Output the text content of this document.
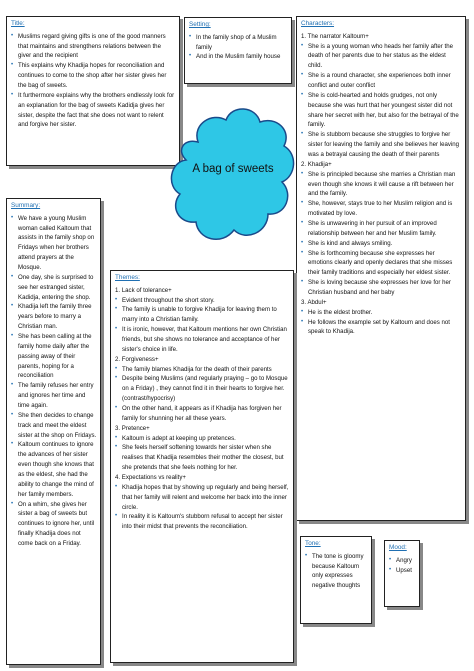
Title:
• Muslims regard giving gifts is one of the good manners that maintains and strengthens relations between the giver and the recipient
• This explains why Khadija hopes for reconciliation and continues to come to the shop after her sister gives her the bag of sweets.
• It furthermore explains why the brothers endlessly look for an explanation for the bag of sweets Kadidja gives her sister, despite the fact that she does not want to relent and forgive her sister.
Setting:
• In the family shop of a Muslim family
• And in the Muslim family house
A bag of sweets
Characters:
1. The narrator Kaltoum+
• She is a young woman who heads her family after the death of her parents due to her status as the eldest child.
• She is a round character, she experiences both inner conflict and outer conflict
• She is cold-hearted and holds grudges, not only because she was hurt that her youngest sister did not share her secret with her, but also for the betrayal of the family.
• She is stubborn because she struggles to forgive her sister for leaving the family and she believes her leaving was a betrayal causing the death of their parents
2. Khadija+
• She is principled because she marries a Christian man even though she knows it will cause a rift between her and the family.
• She, however, stays true to her Muslim religion and is motivated by love.
• She is unwavering in her pursuit of an improved relationship between her and her Muslim family.
• She is kind and always smiling.
• She is forthcoming because she expresses her emotions clearly and openly declares that she misses their family traditions and especially her eldest sister.
• She is loving because she expresses her love for her Christian husband and her baby
3. Abdul+
• He is the eldest brother.
• He follows the example set by Kaltoum and does not speak to Khadija.
Summary:
• We have a young Muslim woman called Kaltoum that assists in the family shop on Fridays when her brothers attend prayers at the Mosque.
• One day, she is surprised to see her estranged sister, Kadidja, entering the shop.
• Khadija left the family three years before to marry a Christian man.
• She has been calling at the family home daily after the passing away of their parents, hoping for a reconciliation
• The family refuses her entry and ignores her time and time again.
• She then decides to change track and meet the eldest sister at the shop on Fridays.
• Kaltoum continues to ignore the advances of her sister even though she knows that as the eldest, she had the ability to change the mind of her family members.
• On a whim, she gives her sister a bag of sweets but continues to ignore her, until finally Khadija does not come back on a Friday.
Themes:
1. Lack of tolerance+
• Evident throughout the short story.
• The family is unable to forgive Khadija for leaving them to marry into a Christian family.
• It is ironic, however, that Kaltoum mentions her own Christian friends, but she shows no tolerance and acceptance of her sister's choice in life.
2. Forgiveness+
• The family blames Khadija for the death of their parents
• Despite being Muslims (and regularly praying – go to Mosque on a Friday) , they cannot find it in their hearts to forgive her. (contrast/hypocrisy)
• On the other hand, it appears as if Khadija has forgiven her family for shunning her all these years.
3. Pretence+
• Kaltoum is adept at keeping up pretences.
• She feels herself softening towards her sister when she realises that Khadija resembles their mother the closest, but she pretends that she feels nothing for her.
4. Expectations vs reality+
• Khadija hopes that by showing up regularly and being herself, that her family will relent and welcome her back into the inner circle.
• In reality it is Kaltoum's stubborn refusal to accept her sister into their midst that prevents the reconciliation.
Tone:
• The tone is gloomy because Kaltoum only expresses negative thoughts
Mood:
• Angry
• Upset
